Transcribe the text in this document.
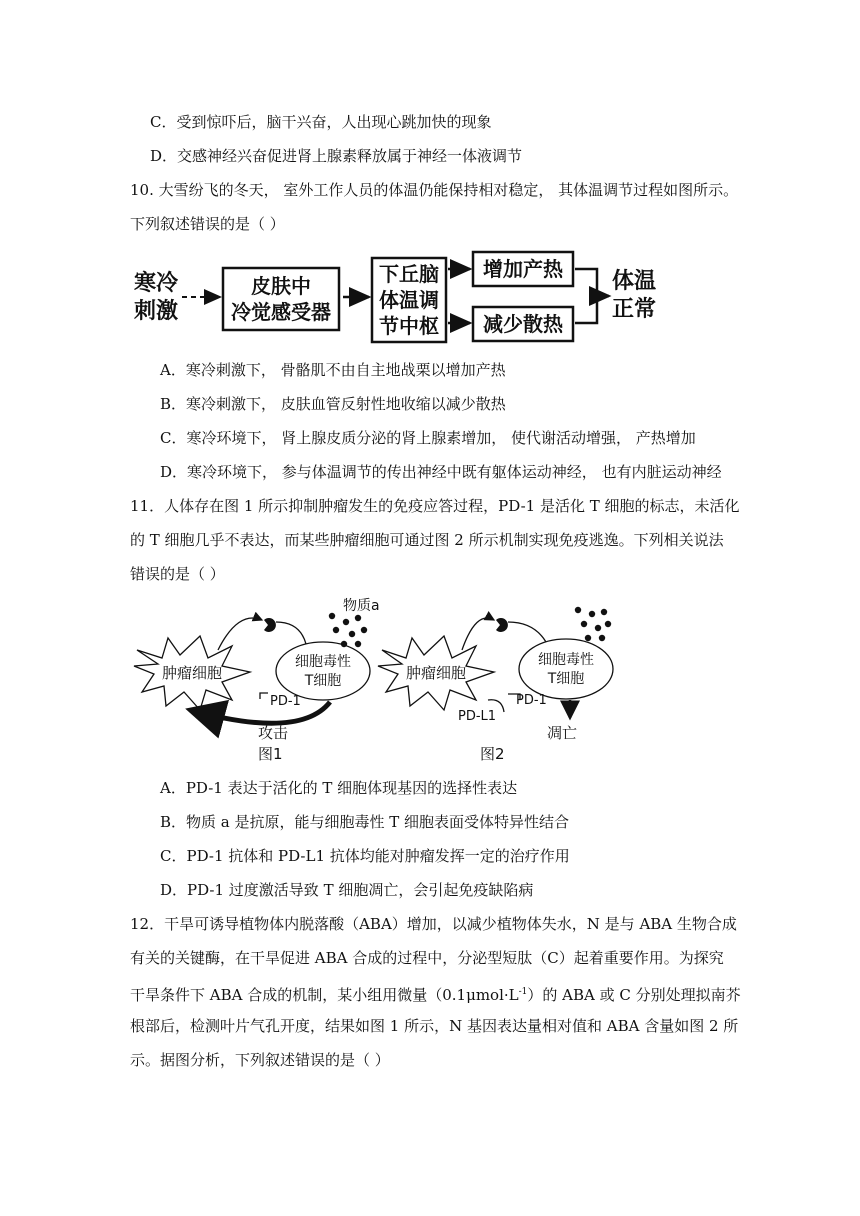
C．受到惊吓后，脑干兴奋，人出现心跳加快的现象
D．交感神经兴奋促进肾上腺素释放属于神经一体液调节
10. 大雪纷飞的冬天， 室外工作人员的体温仍能保持相对稳定， 其体温调节过程如图所示。
下列叙述错误的是（ ）
寒冷
刺激
皮肤中
冷觉感受器
下丘脑
体温调
节中枢
增加产热
减少散热
体温
正常
A．寒冷刺激下， 骨骼肌不由自主地战栗以增加产热
B．寒冷刺激下， 皮肤血管反射性地收缩以减少散热
C．寒冷环境下， 肾上腺皮质分泌的肾上腺素增加， 使代谢活动增强， 产热增加
D．寒冷环境下， 参与体温调节的传出神经中既有躯体运动神经， 也有内脏运动神经
11．人体存在图 1 所示抑制肿瘤发生的免疫应答过程，PD-1 是活化 T 细胞的标志，未活化
的 T 细胞几乎不表达，而某些肿瘤细胞可通过图 2 所示机制实现免疫逃逸。下列相关说法
错误的是（ ）
肿瘤细胞
细胞毒性
T细胞
物质a
PD-1
攻击
图1
肿瘤细胞
细胞毒性
T细胞
PD-1
PD-L1
凋亡
图2
A．PD-1 表达于活化的 T 细胞体现基因的选择性表达
B．物质 a 是抗原，能与细胞毒性 T 细胞表面受体特异性结合
C．PD-1 抗体和 PD-L1 抗体均能对肿瘤发挥一定的治疗作用
D．PD-1 过度激活导致 T 细胞凋亡，会引起免疫缺陷病
12．干旱可诱导植物体内脱落酸（ABA）增加，以减少植物体失水，N 是与 ABA 生物合成
有关的关键酶，在干旱促进 ABA 合成的过程中，分泌型短肽（C）起着重要作用。为探究
干旱条件下 ABA 合成的机制，某小组用微量$(0.1\mu mol\cdot L^{-1})$的 ABA 或 C 分别处理拟南芥
根部后，检测叶片气孔开度，结果如图 1 所示，N 基因表达量相对值和 ABA 含量如图 2 所
示。据图分析，下列叙述错误的是（ ）
